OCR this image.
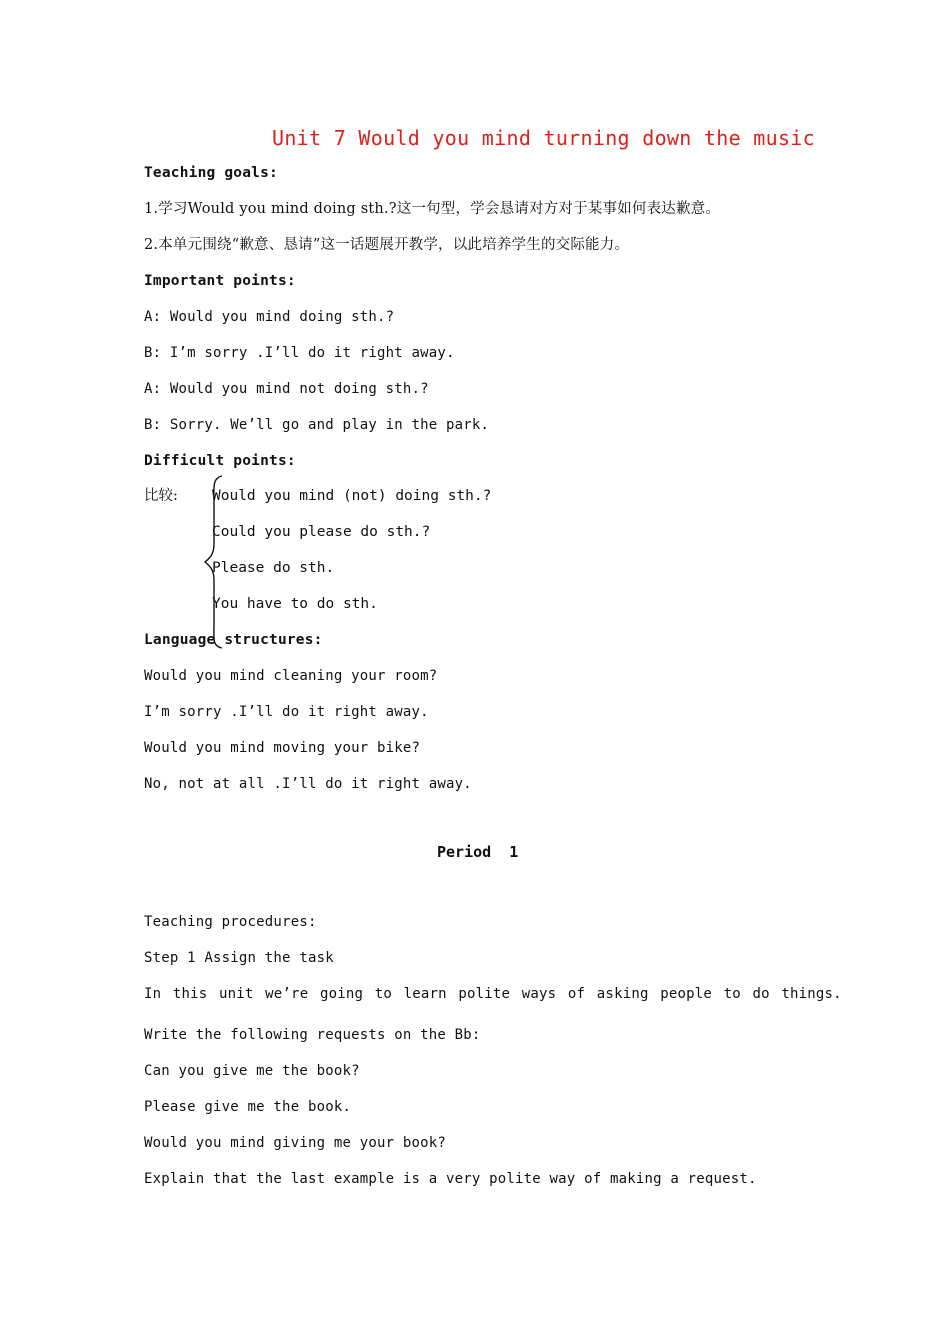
Unit 7 Would you mind turning down the music
Teaching goals:
1.学习Would you mind doing sth.?这一句型，学会恳请对方对于某事如何表达歉意。
2.本单元围绕“歉意、恳请”这一话题展开教学，以此培养学生的交际能力。
Important points:
A: Would you mind doing sth.?
B: I’m sorry .I’ll do it right away.
A: Would you mind not doing sth.?
B: Sorry. We’ll go and play in the park.
Difficult points:
比较: Would you mind (not) doing sth.?
Could you please do sth.?
Please do sth.
You have to do sth.
Language structures:
Would you mind cleaning your room?
I’m sorry .I’ll do it right away.
Would you mind moving your bike?
No, not at all .I’ll do it right away.
Period  1
Teaching procedures:
Step 1 Assign the task
In this unit we’re going to learn polite ways of asking people to do things.
Write the following requests on the Bb:
Can you give me the book?
Please give me the book.
Would you mind giving me your book?
Explain that the last example is a very polite way of making a request.
